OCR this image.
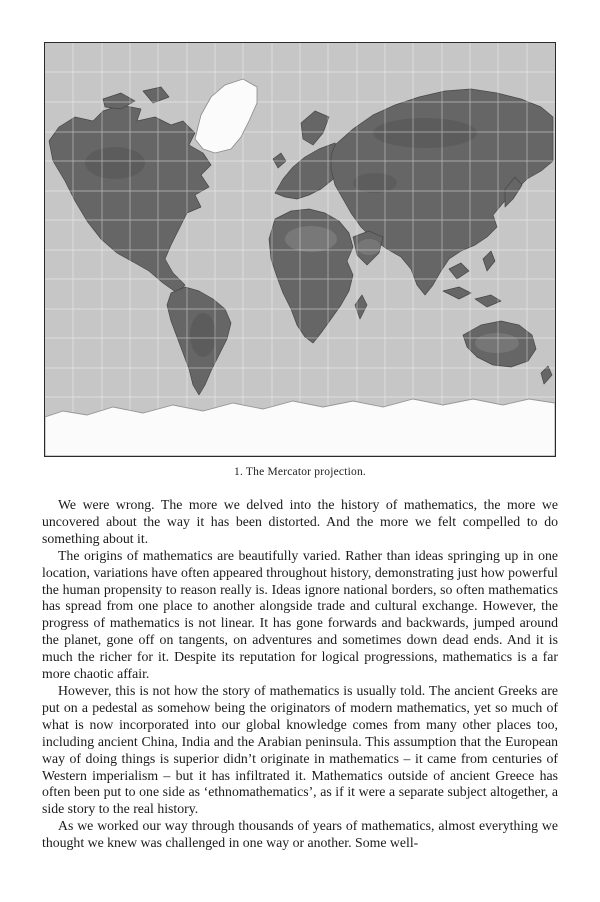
1. The Mercator projection.

We were wrong. The more we delved into the history of mathematics, the more we uncovered about the way it has been distorted. And the more we felt compelled to do something about it.

The origins of mathematics are beautifully varied. Rather than ideas springing up in one location, variations have often appeared throughout history, demonstrating just how powerful the human propensity to reason really is. Ideas ignore national borders, so often mathematics has spread from one place to another alongside trade and cultural exchange. However, the progress of mathematics is not linear. It has gone forwards and backwards, jumped around the planet, gone off on tangents, on adventures and sometimes down dead ends. And it is much the richer for it. Despite its reputation for logical progressions, mathematics is a far more chaotic affair.

However, this is not how the story of mathematics is usually told. The ancient Greeks are put on a pedestal as somehow being the originators of modern mathematics, yet so much of what is now incorporated into our global knowledge comes from many other places too, including ancient China, India and the Arabian peninsula. This assumption that the European way of doing things is superior didn’t originate in mathematics – it came from centuries of Western imperialism – but it has infiltrated it. Mathematics outside of ancient Greece has often been put to one side as ‘ethnomathematics’, as if it were a separate subject altogether, a side story to the real history.

As we worked our way through thousands of years of mathematics, almost everything we thought we knew was challenged in one way or another. Some well-
